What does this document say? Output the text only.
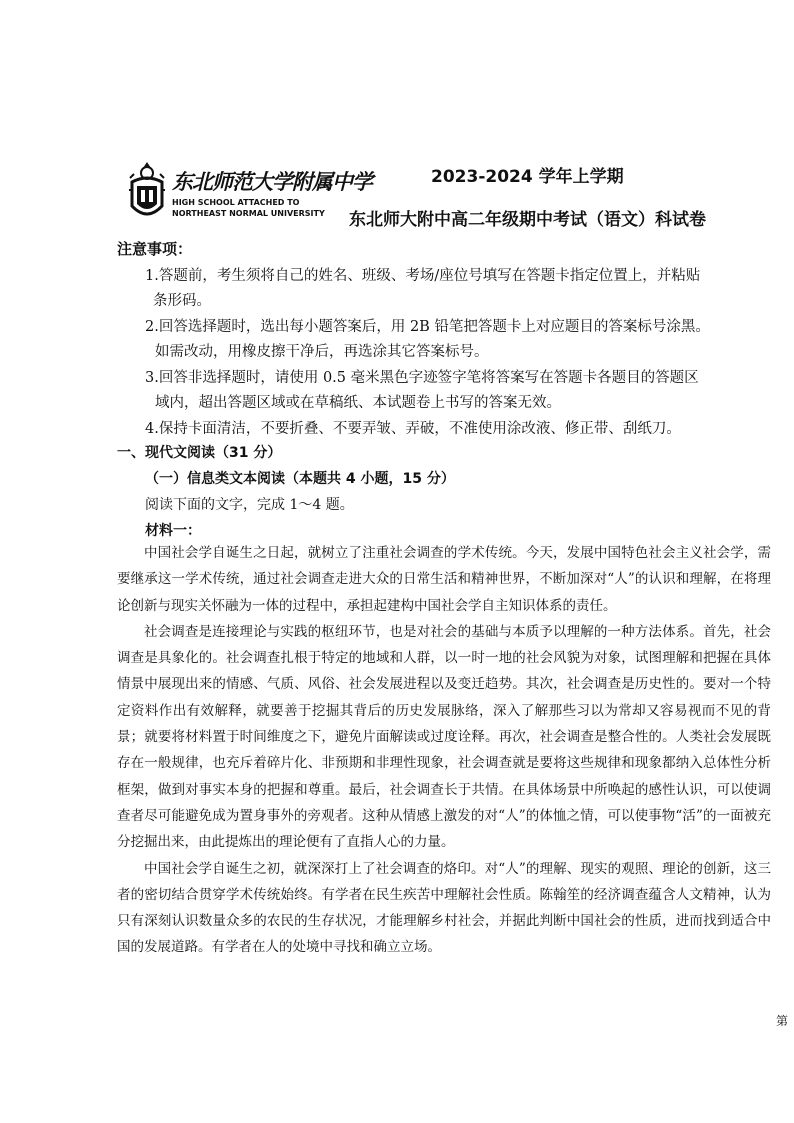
东北师范大学附属中学
HIGH SCHOOL ATTACHED TO
NORTHEAST NORMAL UNIVERSITY
2023-2024 学年上学期
东北师大附中高二年级期中考试（语文）科试卷
注意事项：
1.答题前，考生须将自己的姓名、班级、考场/座位号填写在答题卡指定位置上，并粘贴
条形码。
2.回答选择题时，选出每小题答案后，用 2B 铅笔把答题卡上对应题目的答案标号涂黑。
如需改动，用橡皮擦干净后，再选涂其它答案标号。
3.回答非选择题时，请使用 0.5 毫米黑色字迹签字笔将答案写在答题卡各题目的答题区
域内，超出答题区域或在草稿纸、本试题卷上书写的答案无效。
4.保持卡面清洁，不要折叠、不要弄皱、弄破，不准使用涂改液、修正带、刮纸刀。
一、现代文阅读（31 分）
（一）信息类文本阅读（本题共 4 小题，15 分）
阅读下面的文字，完成 1～4 题。
材料一：

中国社会学自诞生之日起，就树立了注重社会调查的学术传统。今天，发展中国特色社会主义社会学，需要继承这一学术传统，通过社会调查走进大众的日常生活和精神世界，不断加深对“人”的认识和理解，在将理论创新与现实关怀融为一体的过程中，承担起建构中国社会学自主知识体系的责任。

社会调查是连接理论与实践的枢纽环节，也是对社会的基础与本质予以理解的一种方法体系。首先，社会调查是具象化的。社会调查扎根于特定的地域和人群，以一时一地的社会风貌为对象，试图理解和把握在具体情景中展现出来的情感、气质、风俗、社会发展进程以及变迁趋势。其次，社会调查是历史性的。要对一个特定资料作出有效解释，就要善于挖掘其背后的历史发展脉络，深入了解那些习以为常却又容易视而不见的背景；就要将材料置于时间维度之下，避免片面解读或过度诠释。再次，社会调查是整合性的。人类社会发展既存在一般规律，也充斥着碎片化、非预期和非理性现象，社会调查就是要将这些规律和现象都纳入总体性分析框架，做到对事实本身的把握和尊重。最后，社会调查长于共情。在具体场景中所唤起的感性认识，可以使调查者尽可能避免成为置身事外的旁观者。这种从情感上激发的对“人”的体恤之情，可以使事物“活”的一面被充分挖掘出来，由此提炼出的理论便有了直指人心的力量。

中国社会学自诞生之初，就深深打上了社会调查的烙印。对“人”的理解、现实的观照、理论的创新，这三者的密切结合贯穿学术传统始终。有学者在民生疾苦中理解社会性质。陈翰笙的经济调查蕴含人文精神，认为只有深刻认识数量众多的农民的生存状况，才能理解乡村社会，并据此判断中国社会的性质，进而找到适合中国的发展道路。有学者在人的处境中寻找和确立立场。

第
